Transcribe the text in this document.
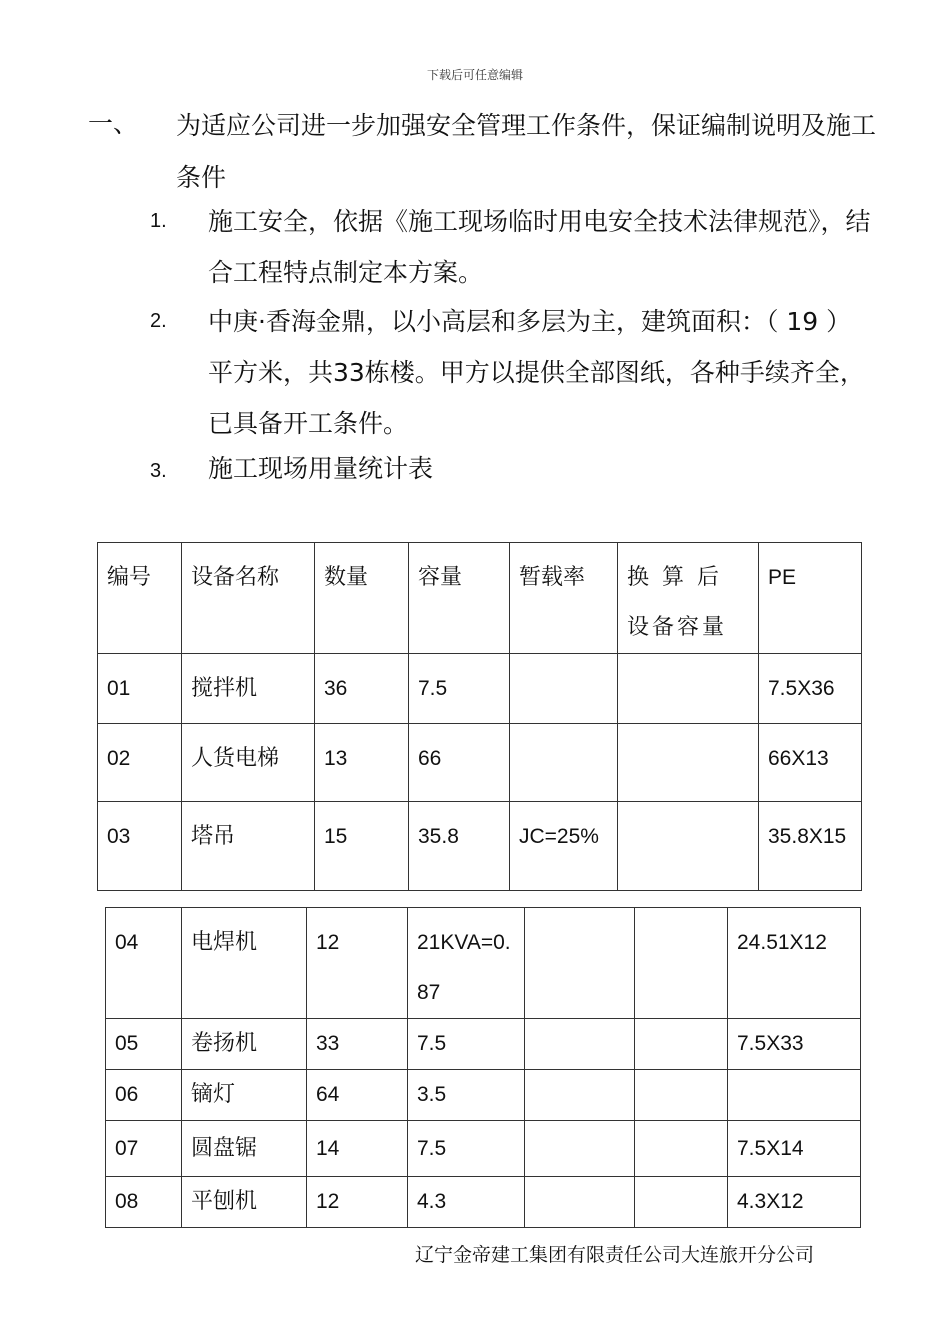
下载后可任意编辑
一、 为适应公司进一步加强安全管理工作条件，保证编制说明及施工条件
1. 施工安全，依据《施工现场临时用电安全技术法律规范》，结合工程特点制定本方案。
2. 中庚·香海金鼎，以小高层和多层为主，建筑面积：（ 19 ）平方米，共33栋楼。甲方以提供全部图纸，各种手续齐全，已具备开工条件。
3. 施工现场用量统计表
编号	设备名称	数量	容量	暂载率	换 算 后 设备容量	PE
01	搅拌机	36	7.5			7.5X36
02	人货电梯	13	66			66X13
03	塔吊	15	35.8	JC=25%		35.8X15
04	电焊机	12	21KVA=0.87			24.51X12
05	卷扬机	33	7.5			7.5X33
06	镝灯	64	3.5			
07	圆盘锯	14	7.5			7.5X14
08	平刨机	12	4.3			4.3X12
辽宁金帝建工集团有限责任公司大连旅开分公司
